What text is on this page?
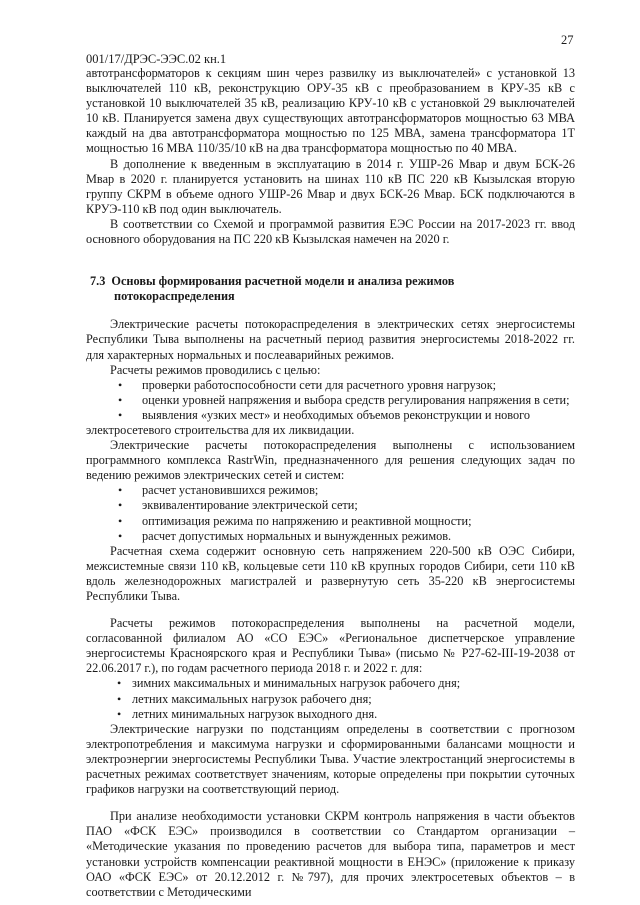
27
001/17/ДРЭС-ЭЭС.02 кн.1

автотрансформаторов к секциям шин через развилку из выключателей» с установкой 13 выключателей 110 кВ, реконструкцию ОРУ-35 кВ с преобразованием в КРУ-35 кВ с установкой 10 выключателей 35 кВ, реализацию КРУ-10 кВ с установкой 29 выключателей 10 кВ. Планируется замена двух существующих автотрансформаторов мощностью 63 МВА каждый на два автотрансформатора мощностью по 125 МВА, замена трансформатора 1Т мощностью 16 МВА 110/35/10 кВ на два трансформатора мощностью по 40 МВА.

В дополнение к введенным в эксплуатацию в 2014 г. УШР-26 Мвар и двум БСК-26 Мвар в 2020 г. планируется установить на шинах 110 кВ ПС 220 кВ Кызылская вторую группу СКРМ в объеме одного УШР-26 Мвар и двух БСК-26 Мвар. БСК подключаются в КРУЭ-110 кВ под один выключатель.

В соответствии со Схемой и программой развития ЕЭС России на 2017-2023 гг. ввод основного оборудования на ПС 220 кВ Кызылская намечен на 2020 г.

7.3 Основы формирования расчетной модели и анализа режимов
потокораспределения

Электрические расчеты потокораспределения в электрических сетях энергосистемы Республики Тыва выполнены на расчетный период развития энергосистемы 2018-2022 гг. для характерных нормальных и послеаварийных режимов.

Расчеты режимов проводились с целью:

• проверки работоспособности сети для расчетного уровня нагрузок;
• оценки уровней напряжения и выбора средств регулирования напряжения в сети;
• выявления «узких мест» и необходимых объемов реконструкции и нового

электросетевого строительства для их ликвидации.

Электрические расчеты потокораспределения выполнены с использованием программного комплекса RastrWin, предназначенного для решения следующих задач по ведению режимов электрических сетей и систем:

• расчет установившихся режимов;
• эквивалентирование электрической сети;
• оптимизация режима по напряжению и реактивной мощности;
• расчет допустимых нормальных и вынужденных режимов.

Расчетная схема содержит основную сеть напряжением 220-500 кВ ОЭС Сибири, межсистемные связи 110 кВ, кольцевые сети 110 кВ крупных городов Сибири, сети 110 кВ вдоль железнодорожных магистралей и развернутую сеть 35-220 кВ энергосистемы Республики Тыва.

Расчеты режимов потокораспределения выполнены на расчетной модели, согласованной филиалом АО «СО ЕЭС» «Региональное диспетчерское управление энергосистемы Красноярского края и Республики Тыва» (письмо № Р27-62-III-19-2038 от 22.06.2017 г.), по годам расчетного периода 2018 г. и 2022 г. для:

• зимних максимальных и минимальных нагрузок рабочего дня;
• летних максимальных нагрузок рабочего дня;
• летних минимальных нагрузок выходного дня.

Электрические нагрузки по подстанциям определены в соответствии с прогнозом электропотребления и максимума нагрузки и сформированными балансами мощности и электроэнергии энергосистемы Республики Тыва. Участие электростанций энергосистемы в расчетных режимах соответствует значениям, которые определены при покрытии суточных графиков нагрузки на соответствующий период.

При анализе необходимости установки СКРМ контроль напряжения в части объектов ПАО «ФСК ЕЭС» производился в соответствии со Стандартом организации – «Методические указания по проведению расчетов для выбора типа, параметров и мест установки устройств компенсации реактивной мощности в ЕНЭС» (приложение к приказу ОАО «ФСК ЕЭС» от 20.12.2012 г. №797), для прочих электросетевых объектов – в соответствии с Методическими
